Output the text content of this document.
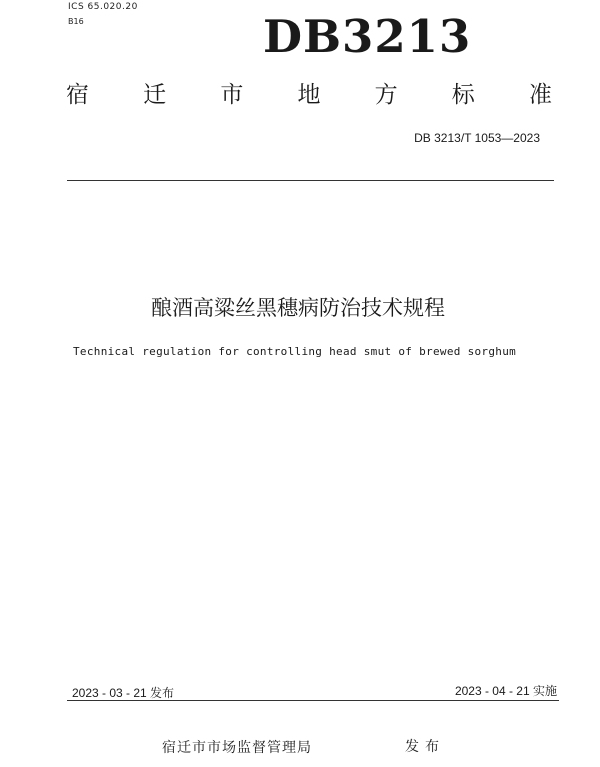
ICS 65.020.20
B16	DB3213
宿 迁 市 地 方 标 准
DB 3213/T 1053—2023
酿酒高粱丝黑穗病防治技术规程
Technical regulation for controlling head smut of brewed sorghum
2023 - 03 - 21 发布	2023 - 04 - 21 实施
宿迁市市场监督管理局	发布
